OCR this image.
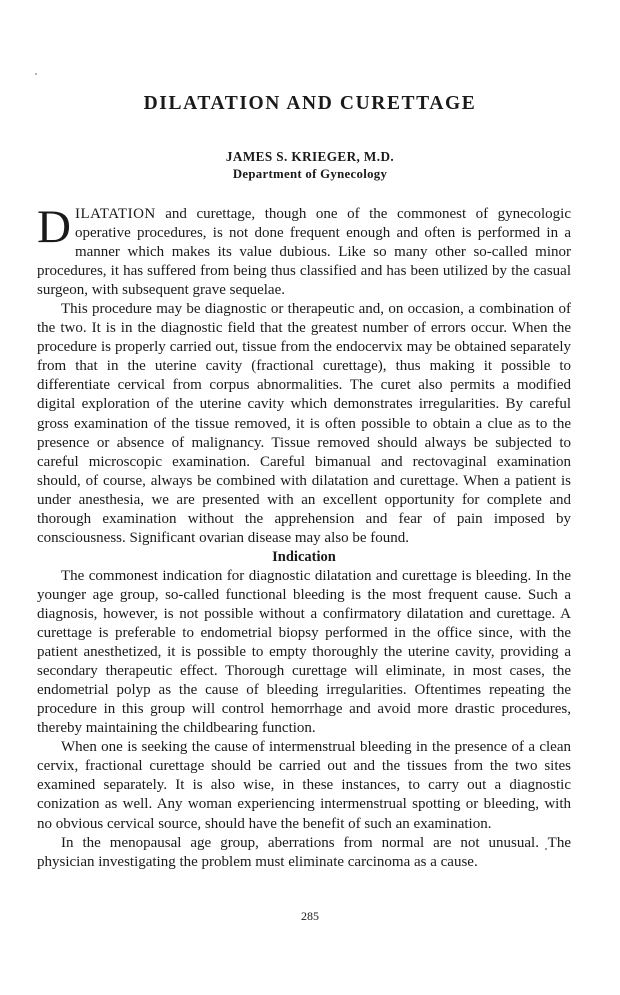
DILATATION AND CURETTAGE
JAMES S. KRIEGER, M.D.
Department of Gynecology

DILATATION and curettage, though one of the commonest of gynecologic operative procedures, is not done frequent enough and often is performed in a manner which makes its value dubious. Like so many other so-called minor procedures, it has suffered from being thus classified and has been utilized by the casual surgeon, with subsequent grave sequelae.

This procedure may be diagnostic or therapeutic and, on occasion, a combination of the two. It is in the diagnostic field that the greatest number of errors occur. When the procedure is properly carried out, tissue from the endocervix may be obtained separately from that in the uterine cavity (fractional curettage), thus making it possible to differentiate cervical from corpus abnormalities. The curet also permits a modified digital exploration of the uterine cavity which demonstrates irregularities. By careful gross examination of the tissue removed, it is often possible to obtain a clue as to the presence or absence of malignancy. Tissue removed should always be subjected to careful microscopic examination. Careful bimanual and rectovaginal examination should, of course, always be combined with dilatation and curettage. When a patient is under anesthesia, we are presented with an excellent opportunity for complete and thorough examination without the apprehension and fear of pain imposed by consciousness. Significant ovarian disease may also be found.

Indication

The commonest indication for diagnostic dilatation and curettage is bleeding. In the younger age group, so-called functional bleeding is the most frequent cause. Such a diagnosis, however, is not possible without a confirmatory dilatation and curettage. A curettage is preferable to endometrial biopsy performed in the office since, with the patient anesthetized, it is possible to empty thoroughly the uterine cavity, providing a secondary therapeutic effect. Thorough curettage will eliminate, in most cases, the endometrial polyp as the cause of bleeding irregularities. Oftentimes repeating the procedure in this group will control hemorrhage and avoid more drastic procedures, thereby maintaining the childbearing function.

When one is seeking the cause of intermenstrual bleeding in the presence of a clean cervix, fractional curettage should be carried out and the tissues from the two sites examined separately. It is also wise, in these instances, to carry out a diagnostic conization as well. Any woman experiencing intermenstrual spotting or bleeding, with no obvious cervical source, should have the benefit of such an examination.

In the menopausal age group, aberrations from normal are not unusual. The physician investigating the problem must eliminate carcinoma as a cause.

285
